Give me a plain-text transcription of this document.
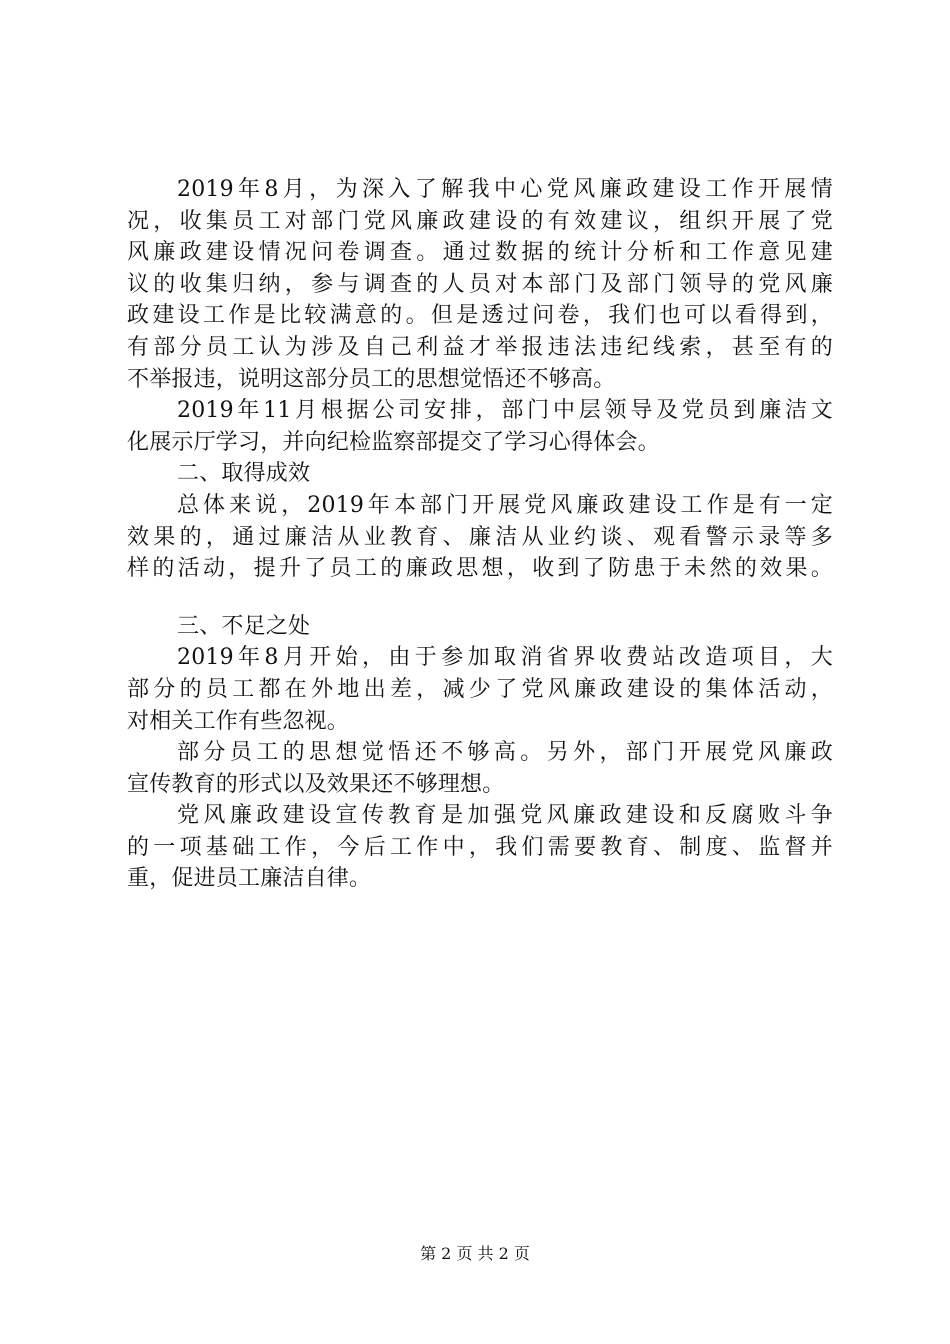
2019年8月，为深入了解我中心党风廉政建设工作开展情
况，收集员工对部门党风廉政建设的有效建议，组织开展了党
风廉政建设情况问卷调查。通过数据的统计分析和工作意见建
议的收集归纳，参与调查的人员对本部门及部门领导的党风廉
政建设工作是比较满意的。但是透过问卷，我们也可以看得到，
有部分员工认为涉及自己利益才举报违法违纪线索，甚至有的
不举报违，说明这部分员工的思想觉悟还不够高。
2019年11月根据公司安排，部门中层领导及党员到廉洁文
化展示厅学习，并向纪检监察部提交了学习心得体会。
二、取得成效
总体来说，2019年本部门开展党风廉政建设工作是有一定
效果的，通过廉洁从业教育、廉洁从业约谈、观看警示录等多
样的活动，提升了员工的廉政思想，收到了防患于未然的效果。
三、不足之处
2019年8月开始，由于参加取消省界收费站改造项目，大
部分的员工都在外地出差，减少了党风廉政建设的集体活动，
对相关工作有些忽视。
部分员工的思想觉悟还不够高。另外，部门开展党风廉政
宣传教育的形式以及效果还不够理想。
党风廉政建设宣传教育是加强党风廉政建设和反腐败斗争
的一项基础工作，今后工作中，我们需要教育、制度、监督并
重，促进员工廉洁自律。
第 2 页 共 2 页
